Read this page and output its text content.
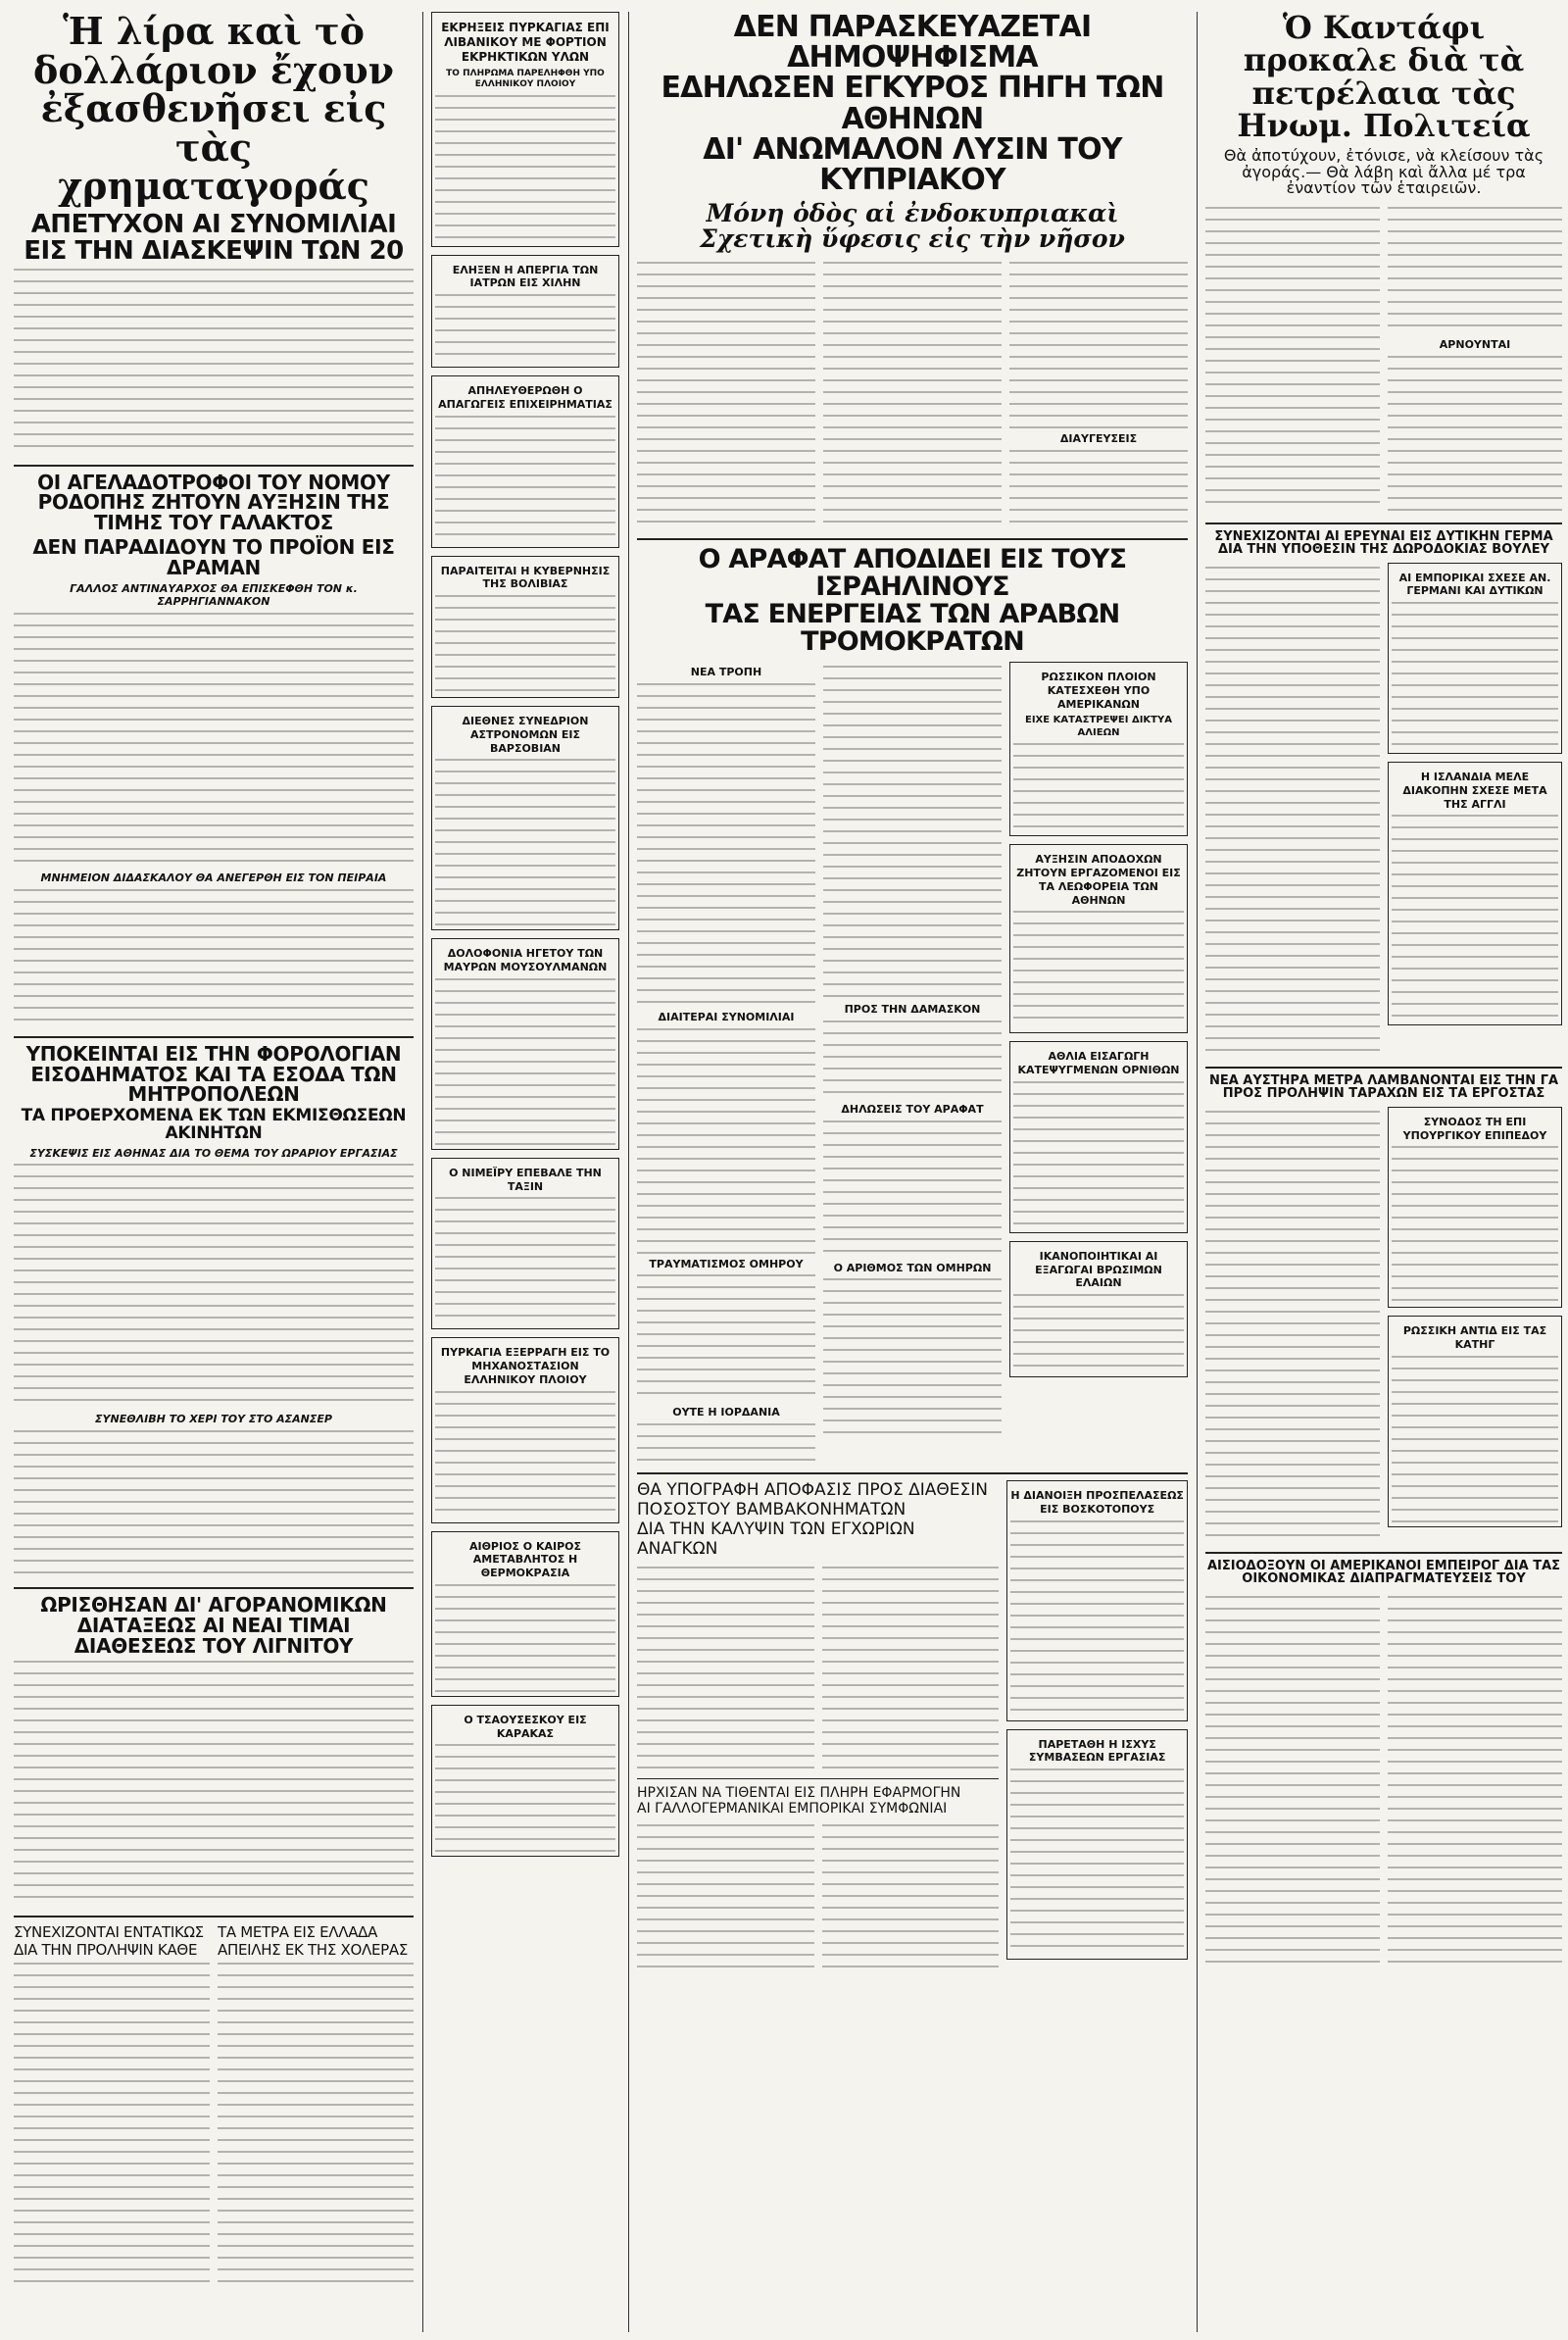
Ἡ λίρα καὶ τὸ δολλάριον ἔχουν ἐξασθενῆσει εἰς τὰς χρηματαγοράς
ΑΠΕΤΥΧΟΝ ΑΙ ΣΥΝΟΜΙΛΙΑΙ ΕΙΣ ΤΗΝ ΔΙΑΣΚΕΨΙΝ ΤΩΝ 20
ΟΙ ΑΓΕΛΑΔΟΤΡΟΦΟΙ ΤΟΥ ΝΟΜΟΥ ΡΟΔΟΠΗΣ ΖΗΤΟΥΝ ΑΥΞΗΣΙΝ ΤΗΣ ΤΙΜΗΣ ΤΟΥ ΓΑΛΑΚΤΟΣ
ΔΕΝ ΠΑΡΑΔΙΔΟΥΝ ΤΟ ΠΡΟΪΟΝ ΕΙΣ ΔΡΑΜΑΝ
ΓΑΛΛΟΣ ΑΝΤΙΝΑΥΑΡΧΟΣ ΘΑ ΕΠΙΣΚΕΦΘΗ ΤΟΝ κ. ΣΑΡΡΗΓΙΑΝΝΑΚΟΝ
ΜΝΗΜΕΙΟΝ ΔΙΔΑΣΚΑΛΟΥ ΘΑ ΑΝΕΓΕΡΘΗ ΕΙΣ ΤΟΝ ΠΕΙΡΑΙΑ
ΥΠΟΚΕΙΝΤΑΙ ΕΙΣ ΤΗΝ ΦΟΡΟΛΟΓΙΑΝ ΕΙΣΟΔΗΜΑΤΟΣ ΚΑΙ ΤΑ ΕΣΟΔΑ ΤΩΝ ΜΗΤΡΟΠΟΛΕΩΝ
ΤΑ ΠΡΟΕΡΧΟΜΕΝΑ ΕΚ ΤΩΝ ΕΚΜΙΣΘΩΣΕΩΝ ΑΚΙΝΗΤΩΝ
ΣΥΣΚΕΨΙΣ ΕΙΣ ΑΘΗΝΑΣ ΔΙΑ ΤΟ ΘΕΜΑ ΤΟΥ ΩΡΑΡΙΟΥ ΕΡΓΑΣΙΑΣ
ΣΥΝΕΘΛΙΒΗ ΤΟ ΧΕΡΙ ΤΟΥ ΣΤΟ ΑΣΑΝΣΕΡ
ΩΡΙΣΘΗΣΑΝ ΔΙ' ΑΓΟΡΑΝΟΜΙΚΩΝ ΔΙΑΤΑΞΕΩΣ ΑΙ ΝΕΑΙ ΤΙΜΑΙ ΔΙΑΘΕΣΕΩΣ ΤΟΥ ΛΙΓΝΙΤΟΥ
ΣΥΝΕΧΙΖΟΝΤΑΙ ΕΝΤΑΤΙΚΩΣ ΔΙΑ ΤΗΝ ΠΡΟΛΗΨΙΝ ΚΑΘΕ
ΤΑ ΜΕΤΡΑ ΕΙΣ ΕΛΛΑΔΑ ΑΠΕΙΛΗΣ ΕΚ ΤΗΣ ΧΟΛΕΡΑΣ
ΕΚΡΗΞΕΙΣ ΠΥΡΚΑΓΙΑΣ ΕΠΙ ΛΙΒΑΝΙΚΟΥ ΜΕ ΦΟΡΤΙΟΝ ΕΚΡΗΚΤΙΚΩΝ ΥΛΩΝ
ΤΟ ΠΛΗΡΩΜΑ ΠΑΡΕΛΗΦΘΗ ΥΠΟ ΕΛΛΗΝΙΚΟΥ ΠΛΟΙΟΥ
ΕΛΗΞΕΝ Η ΑΠΕΡΓΙΑ ΤΩΝ ΙΑΤΡΩΝ ΕΙΣ ΧΙΛΗΝ
ΑΠΗΛΕΥΘΕΡΩΘΗ Ο ΑΠΑΓΩΓΕΙΣ ΕΠΙΧΕΙΡΗΜΑΤΙΑΣ
ΠΑΡΑΙΤΕΙΤΑΙ Η ΚΥΒΕΡΝΗΣΙΣ ΤΗΣ ΒΟΛΙΒΙΑΣ
ΔΙΕΘΝΕΣ ΣΥΝΕΔΡΙΟΝ ΑΣΤΡΟΝΟΜΩΝ ΕΙΣ ΒΑΡΣΟΒΙΑΝ
ΔΟΛΟΦΟΝΙΑ ΗΓΕΤΟΥ ΤΩΝ ΜΑΥΡΩΝ ΜΟΥΣΟΥΛΜΑΝΩΝ
Ο ΝΙΜΕΪΡΥ ΕΠΕΒΑΛΕ ΤΗΝ ΤΑΞΙΝ
ΠΥΡΚΑΓΙΑ ΕΞΕΡΡΑΓΗ ΕΙΣ ΤΟ ΜΗΧΑΝΟΣΤΑΣΙΟΝ ΕΛΛΗΝΙΚΟΥ ΠΛΟΙΟΥ
ΑΙΘΡΙΟΣ Ο ΚΑΙΡΟΣ ΑΜΕΤΑΒΛΗΤΟΣ Η ΘΕΡΜΟΚΡΑΣΙΑ
Ο ΤΣΑΟΥΣΕΣΚΟΥ ΕΙΣ ΚΑΡΑΚΑΣ
ΔΕΝ ΠΑΡΑΣΚΕΥΑΖΕΤΑΙ ΔΗΜΟΨΗΦΙΣΜΑ
ΕΔΗΛΩΣΕΝ ΕΓΚΥΡΟΣ ΠΗΓΗ ΤΩΝ ΑΘΗΝΩΝ
ΔΙ' ΑΝΩΜΑΛΟΝ ΛΥΣΙΝ ΤΟΥ ΚΥΠΡΙΑΚΟΥ
Μόνη ὁδὸς αἱ ἐνδοκυπριακαὶ
Σχετικὴ ὕφεσις εἰς τὴν νῆσον
ΔΙΑΥΓΕΥΣΕΙΣ
Ο ΑΡΑΦΑΤ ΑΠΟΔΙΔΕΙ ΕΙΣ ΤΟΥΣ ΙΣΡΑΗΛΙΝΟΥΣ
ΤΑΣ ΕΝΕΡΓΕΙΑΣ ΤΩΝ ΑΡΑΒΩΝ ΤΡΟΜΟΚΡΑΤΩΝ
ΝΕΑ ΤΡΟΠΗ
ΔΙΑΙΤΕΡΑΙ ΣΥΝΟΜΙΛΙΑΙ
ΤΡΑΥΜΑΤΙΣΜΟΣ ΟΜΗΡΟΥ
ΟΥΤΕ Η ΙΟΡΔΑΝΙΑ
ΠΡΟΣ ΤΗΝ ΔΑΜΑΣΚΟΝ
ΔΗΛΩΣΕΙΣ ΤΟΥ ΑΡΑΦΑΤ
Ο ΑΡΙΘΜΟΣ ΤΩΝ ΟΜΗΡΩΝ
ΡΩΣΣΙΚΟΝ ΠΛΟΙΟΝ ΚΑΤΕΣΧΕΘΗ ΥΠΟ ΑΜΕΡΙΚΑΝΩΝ
ΕΙΧΕ ΚΑΤΑΣΤΡΕΨΕΙ ΔΙΚΤΥΑ ΑΛΙΕΩΝ
ΑΥΞΗΣΙΝ ΑΠΟΔΟΧΩΝ ΖΗΤΟΥΝ ΕΡΓΑΖΟΜΕΝΟΙ ΕΙΣ ΤΑ ΛΕΩΦΟΡΕΙΑ ΤΩΝ ΑΘΗΝΩΝ
ΑΘΛΙΑ ΕΙΣΑΓΩΓΗ ΚΑΤΕΨΥΓΜΕΝΩΝ ΟΡΝΙΘΩΝ
ΙΚΑΝΟΠΟΙΗΤΙΚΑΙ ΑΙ ΕΞΑΓΩΓΑΙ ΒΡΩΣΙΜΩΝ ΕΛΑΙΩΝ
ΘΑ ΥΠΟΓΡΑΦΗ ΑΠΟΦΑΣΙΣ ΠΡΟΣ ΔΙΑΘΕΣΙΝ
ΠΟΣΟΣΤΟΥ ΒΑΜΒΑΚΟΝΗΜΑΤΩΝ
ΔΙΑ ΤΗΝ ΚΑΛΥΨΙΝ ΤΩΝ ΕΓΧΩΡΙΩΝ ΑΝΑΓΚΩΝ
ΗΡΧΙΣΑΝ ΝΑ ΤΙΘΕΝΤΑΙ ΕΙΣ ΠΛΗΡΗ ΕΦΑΡΜΟΓΗΝ
ΑΙ ΓΑΛΛΟΓΕΡΜΑΝΙΚΑΙ ΕΜΠΟΡΙΚΑΙ ΣΥΜΦΩΝΙΑΙ
Η ΔΙΑΝΟΙΞΗ ΠΡΟΣΠΕΛΑΣΕΩΣ ΕΙΣ ΒΟΣΚΟΤΟΠΟΥΣ
ΠΑΡΕΤΑΘΗ Η ΙΣΧΥΣ ΣΥΜΒΑΣΕΩΝ ΕΡΓΑΣΙΑΣ
Ὁ Καντάφι προκαλε διὰ τὰ πετρέλαια τὰς Ηνωμ. Πολιτεία
Θὰ ἀποτύχουν, ἐτόνισε, νὰ κλείσουν τὰς ἀγοράς.— Θὰ λάβη καὶ ἄλλα μέ τρα ἐναντίον τῶν ἑταιρειῶν.
ΑΡΝΟΥΝΤΑΙ
ΣΥΝΕΧΙΖΟΝΤΑΙ ΑΙ ΕΡΕΥΝΑΙ ΕΙΣ ΔΥΤΙΚΗΝ ΓΕΡΜΑ ΔΙΑ ΤΗΝ ΥΠΟΘΕΣΙΝ ΤΗΣ ΔΩΡΟΔΟΚΙΑΣ ΒΟΥΛΕΥ
ΑΙ ΕΜΠΟΡΙΚΑΙ ΣΧΕΣΕ ΑΝ. ΓΕΡΜΑΝΙ ΚΑΙ ΔΥΤΙΚΩΝ
Η ΙΣΛΑΝΔΙΑ ΜΕΛΕ ΔΙΑΚΟΠΗΝ ΣΧΕΣΕ ΜΕΤΑ ΤΗΣ ΑΓΓΛΙ
ΝΕΑ ΑΥΣΤΗΡΑ ΜΕΤΡΑ ΛΑΜΒΑΝΟΝΤΑΙ ΕΙΣ ΤΗΝ ΓΑ ΠΡΟΣ ΠΡΟΛΗΨΙΝ ΤΑΡΑΧΩΝ ΕΙΣ ΤΑ ΕΡΓΟΣΤΑΣ
ΣΥΝΟΔΟΣ ΤΗ ΕΠΙ ΥΠΟΥΡΓΙΚΟΥ ΕΠΙΠΕΔΟΥ
ΡΩΣΣΙΚΗ ΑΝΤΙΔ ΕΙΣ ΤΑΣ ΚΑΤΗΓ
ΑΙΣΙΟΔΟΞΟΥΝ ΟΙ ΑΜΕΡΙΚΑΝΟΙ ΕΜΠΕΙΡΟΓ ΔΙΑ ΤΑΣ ΟΙΚΟΝΟΜΙΚΑΣ ΔΙΑΠΡΑΓΜΑΤΕΥΣΕΙΣ ΤΟΥ
